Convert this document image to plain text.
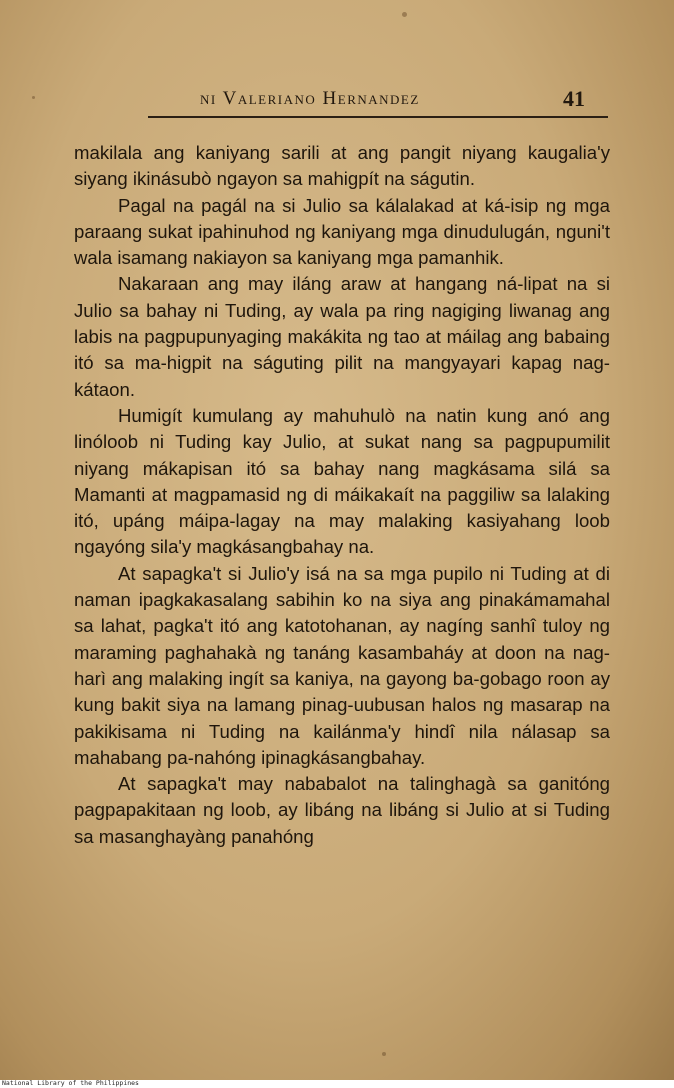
ni Valeriano Hernandez	41

makilala ang kaniyang sarili at ang pangit niyang kaugalia'y siyang ikinásubò ngayon sa mahigpít na ságutin.

Pagal na pagál na si Julio sa kálalakad at ká-isip ng mga paraang sukat ipahinuhod ng kaniyang mga dinudulugán, nguni't wala isamang nakiayon sa kaniyang mga pamanhik.

Nakaraan ang may iláng araw at hangang ná-lipat na si Julio sa bahay ni Tuding, ay wala pa ring nagiging liwanag ang labis na pagpupunyaging makákita ng tao at máilag ang babaing itó sa ma-higpit na ságuting pilit na mangyayari kapag nag-kátaon.

Humigít kumulang ay mahuhulò na natin kung anó ang linóloob ni Tuding kay Julio, at sukat nang sa pagpupumilit niyang mákapisan itó sa bahay nang magkásama silá sa Mamanti at magpamasid ng di máikakaít na paggiliw sa lalaking itó, upáng máipa-lagay na may malaking kasiyahang loob ngayóng sila'y magkásangbahay na.

At sapagka't si Julio'y isá na sa mga pupilo ni Tuding at di naman ipagkakasalang sabihin ko na siya ang pinakámamahal sa lahat, pagka't itó ang katotohanan, ay nagíng sanhî tuloy ng maraming paghahakà ng tanáng kasambaháy at doon na nag-harì ang malaking ingít sa kaniya, na gayong ba-gobago roon ay kung bakit siya na lamang pinag-uubusan halos ng masarap na pakikisama ni Tuding na kailánma'y hindî nila nálasap sa mahabang pa-nahóng ipinagkásangbahay.

At sapagka't may nababalot na talinghagà sa ganitóng pagpapakitaan ng loob, ay libáng na libáng si Julio at si Tuding sa masanghayàng panahóng

National Library of the Philippines
